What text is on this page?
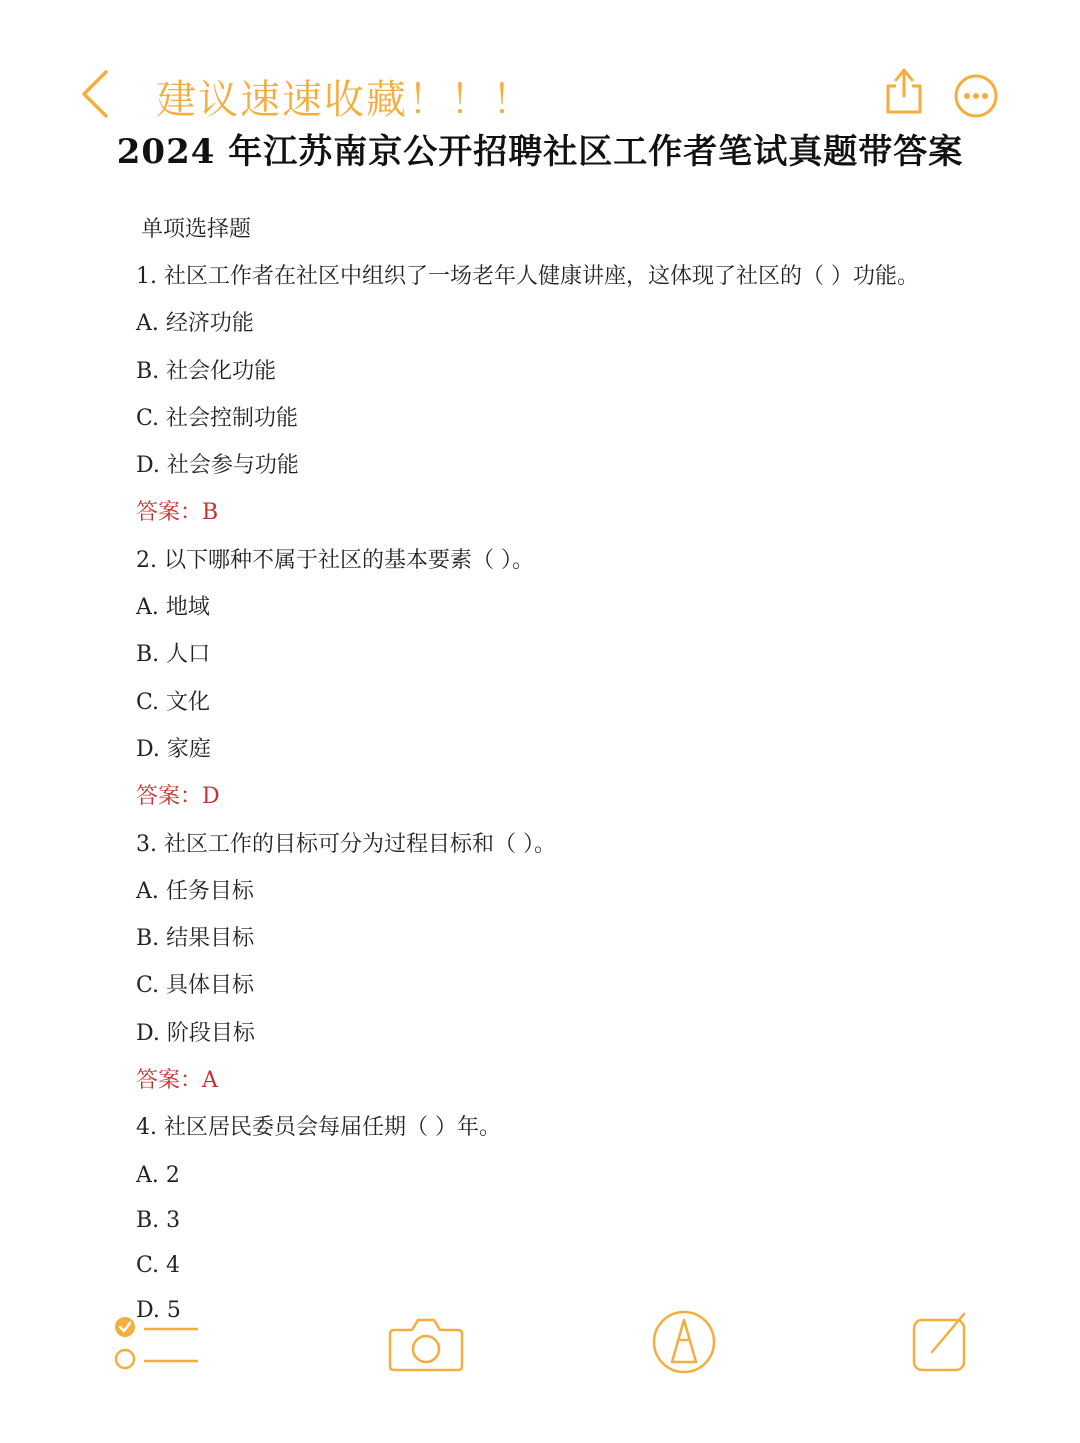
建议速速收藏！！！
2024 年江苏南京公开招聘社区工作者笔试真题带答案
单项选择题
1. 社区工作者在社区中组织了一场老年人健康讲座，这体现了社区的（ ）功能。
A. 经济功能
B. 社会化功能
C. 社会控制功能
D. 社会参与功能
答案：B
2. 以下哪种不属于社区的基本要素（ ）。
A. 地域
B. 人口
C. 文化
D. 家庭
答案：D
3. 社区工作的目标可分为过程目标和（ ）。
A. 任务目标
B. 结果目标
C. 具体目标
D. 阶段目标
答案：A
4. 社区居民委员会每届任期（ ）年。
A. 2
B. 3
C. 4
D. 5
